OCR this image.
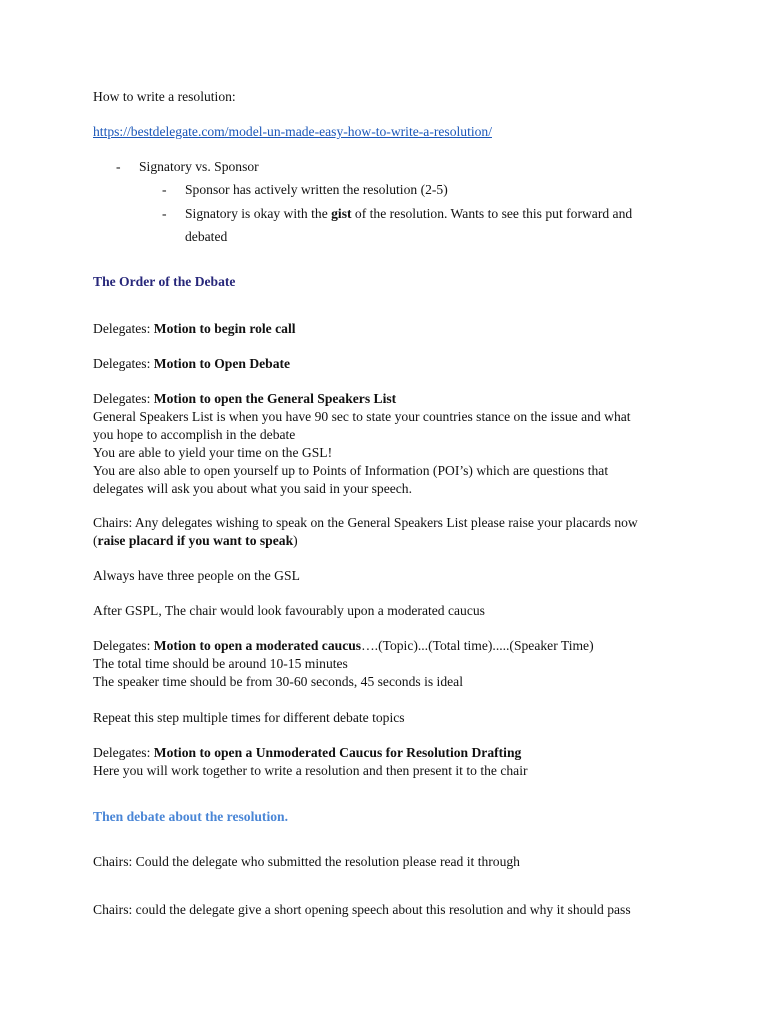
How to write a resolution:
https://bestdelegate.com/model-un-made-easy-how-to-write-a-resolution/
- Signatory vs. Sponsor
- Sponsor has actively written the resolution (2-5)
- Signatory is okay with the gist of the resolution. Wants to see this put forward and
debated
The Order of the Debate
Delegates: Motion to begin role call
Delegates: Motion to Open Debate
Delegates: Motion to open the General Speakers List
General Speakers List is when you have 90 sec to state your countries stance on the issue and what
you hope to accomplish in the debate
You are able to yield your time on the GSL!
You are also able to open yourself up to Points of Information (POI’s) which are questions that
delegates will ask you about what you said in your speech.
Chairs: Any delegates wishing to speak on the General Speakers List please raise your placards now
(raise placard if you want to speak)
Always have three people on the GSL
After GSPL, The chair would look favourably upon a moderated caucus
Delegates: Motion to open a moderated caucus….(Topic)...(Total time).....(Speaker Time)
The total time should be around 10-15 minutes
The speaker time should be from 30-60 seconds, 45 seconds is ideal
Repeat this step multiple times for different debate topics
Delegates: Motion to open a Unmoderated Caucus for Resolution Drafting
Here you will work together to write a resolution and then present it to the chair
Then debate about the resolution.
Chairs: Could the delegate who submitted the resolution please read it through
Chairs: could the delegate give a short opening speech about this resolution and why it should pass
